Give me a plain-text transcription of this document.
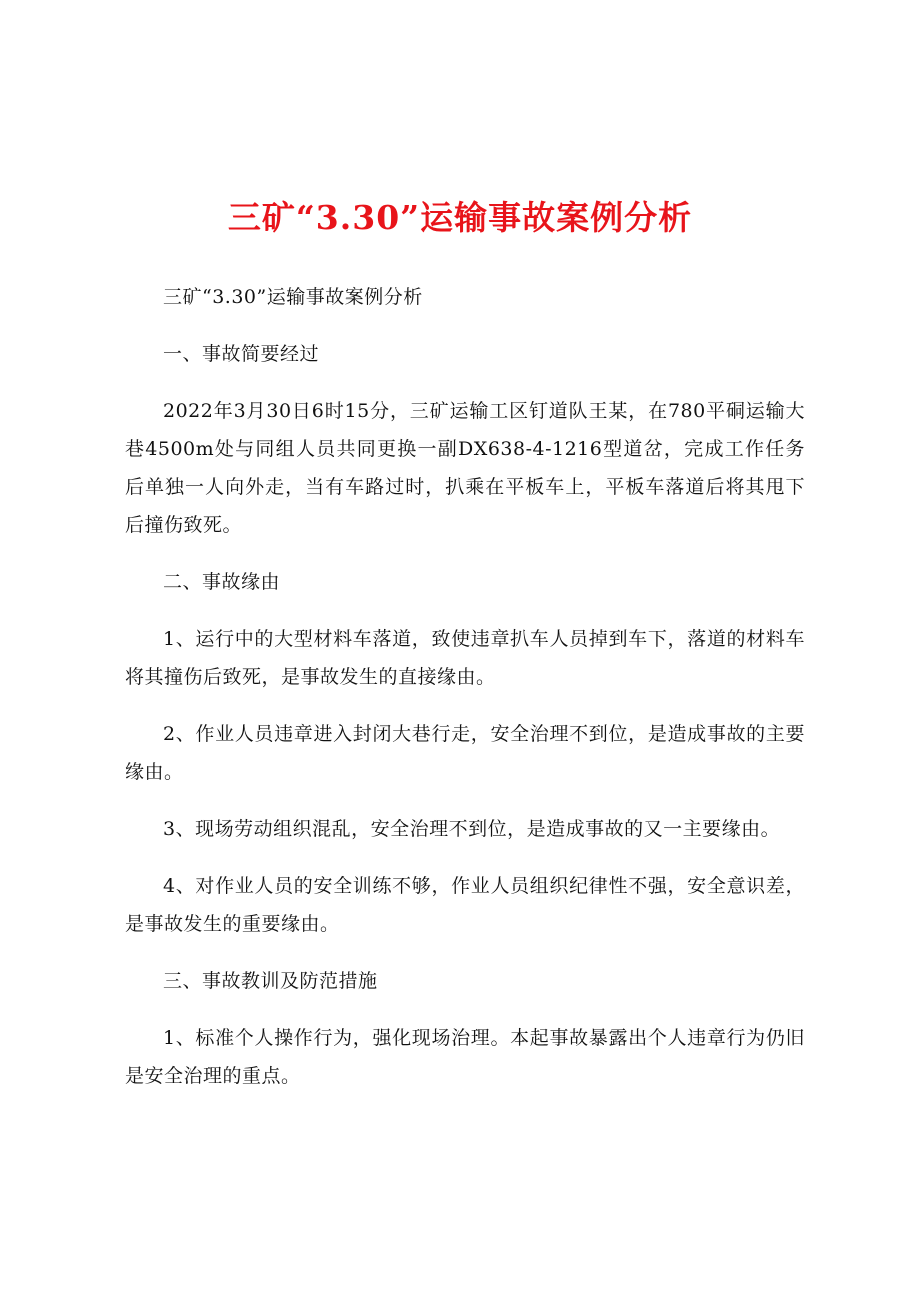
三矿“3.30”运输事故案例分析

三矿“3.30”运输事故案例分析

一、事故简要经过

2022年3月30日6时15分，三矿运输工区钉道队王某，在780平硐运输大巷4500m处与同组人员共同更换一副DX638-4-1216型道岔，完成工作任务后单独一人向外走，当有车路过时，扒乘在平板车上，平板车落道后将其甩下后撞伤致死。

二、事故缘由

1、运行中的大型材料车落道，致使违章扒车人员掉到车下，落道的材料车将其撞伤后致死，是事故发生的直接缘由。

2、作业人员违章进入封闭大巷行走，安全治理不到位，是造成事故的主要缘由。

3、现场劳动组织混乱，安全治理不到位，是造成事故的又一主要缘由。

4、对作业人员的安全训练不够，作业人员组织纪律性不强，安全意识差，是事故发生的重要缘由。

三、事故教训及防范措施

1、标准个人操作行为，强化现场治理。本起事故暴露出个人违章行为仍旧是安全治理的重点。
